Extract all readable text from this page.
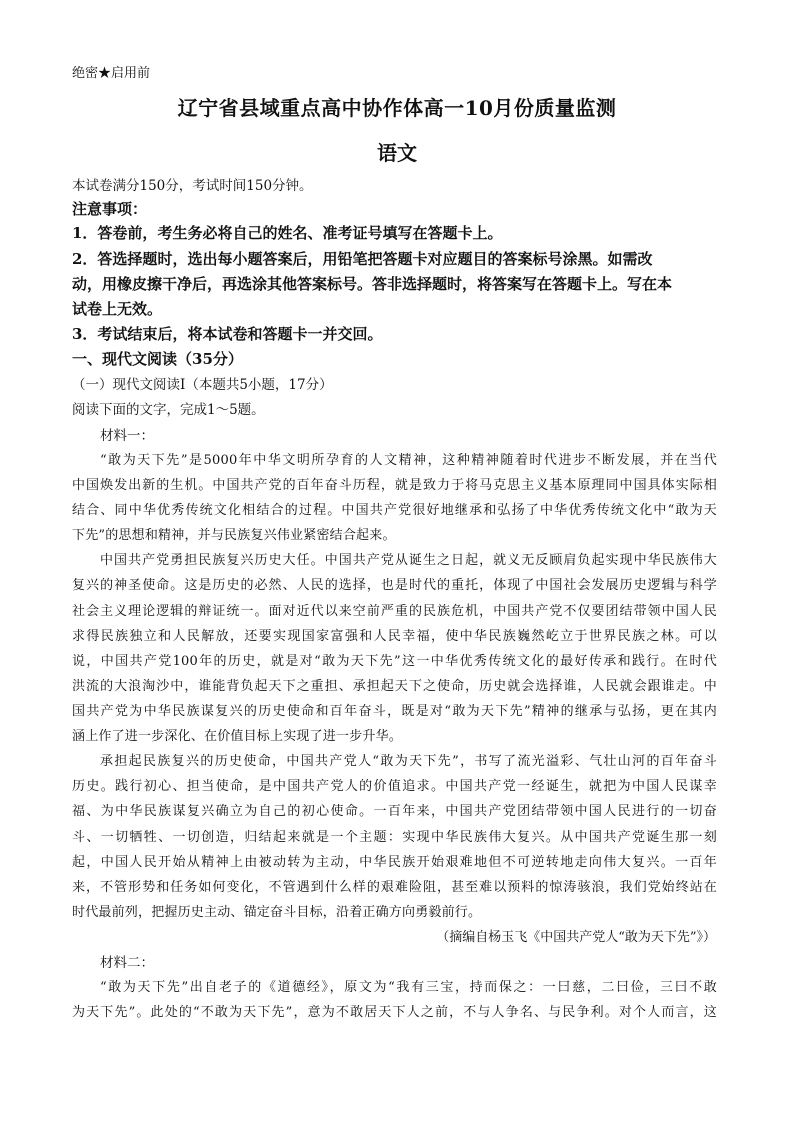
绝密★启用前
辽宁省县域重点高中协作体高一10月份质量监测
语文
本试卷满分150分，考试时间150分钟。
注意事项：
1．答卷前，考生务必将自己的姓名、准考证号填写在答题卡上。
2．答选择题时，选出每小题答案后，用铅笔把答题卡对应题目的答案标号涂黑。如需改
动，用橡皮擦干净后，再选涂其他答案标号。答非选择题时，将答案写在答题卡上。写在本
试卷上无效。
3．考试结束后，将本试卷和答题卡一并交回。
一、现代文阅读（35分）
（一）现代文阅读Ⅰ（本题共5小题，17分）
阅读下面的文字，完成1～5题。
材料一：
“敢为天下先”是5000年中华文明所孕育的人文精神，这种精神随着时代进步不断发展，并在当代
中国焕发出新的生机。中国共产党的百年奋斗历程，就是致力于将马克思主义基本原理同中国具体实际相
结合、同中华优秀传统文化相结合的过程。中国共产党很好地继承和弘扬了中华优秀传统文化中“敢为天
下先”的思想和精神，并与民族复兴伟业紧密结合起来。
中国共产党勇担民族复兴历史大任。中国共产党从诞生之日起，就义无反顾肩负起实现中华民族伟大
复兴的神圣使命。这是历史的必然、人民的选择，也是时代的重托，体现了中国社会发展历史逻辑与科学
社会主义理论逻辑的辩证统一。面对近代以来空前严重的民族危机，中国共产党不仅要团结带领中国人民
求得民族独立和人民解放，还要实现国家富强和人民幸福，使中华民族巍然屹立于世界民族之林。可以
说，中国共产党100年的历史，就是对“敢为天下先”这一中华优秀传统文化的最好传承和践行。在时代
洪流的大浪淘沙中，谁能背负起天下之重担、承担起天下之使命，历史就会选择谁，人民就会跟谁走。中
国共产党为中华民族谋复兴的历史使命和百年奋斗，既是对“敢为天下先”精神的继承与弘扬，更在其内
涵上作了进一步深化、在价值目标上实现了进一步升华。
承担起民族复兴的历史使命，中国共产党人“敢为天下先”，书写了流光溢彩、气壮山河的百年奋斗
历史。践行初心、担当使命，是中国共产党人的价值追求。中国共产党一经诞生，就把为中国人民谋幸
福、为中华民族谋复兴确立为自己的初心使命。一百年来，中国共产党团结带领中国人民进行的一切奋
斗、一切牺牲、一切创造，归结起来就是一个主题：实现中华民族伟大复兴。从中国共产党诞生那一刻
起，中国人民开始从精神上由被动转为主动，中华民族开始艰难地但不可逆转地走向伟大复兴。一百年
来，不管形势和任务如何变化，不管遇到什么样的艰难险阻，甚至难以预料的惊涛骇浪，我们党始终站在
时代最前列，把握历史主动、锚定奋斗目标，沿着正确方向勇毅前行。
（摘编自杨玉飞《中国共产党人“敢为天下先”》）
材料二：
“敢为天下先”出自老子的《道德经》，原文为“我有三宝，持而保之：一曰慈，二曰俭，三曰不敢
为天下先”。此处的“不敢为天下先”，意为不敢居天下人之前，不与人争名、与民争利。对个人而言，这
